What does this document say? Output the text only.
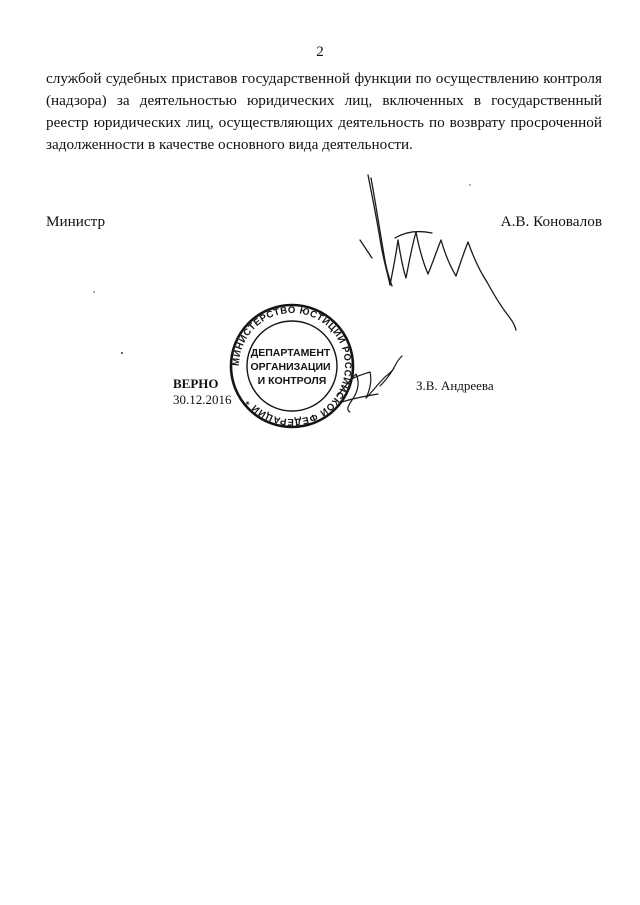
2

службой судебных приставов государственной функции по осуществлению контроля (надзора) за деятельностью юридических лиц, включенных в государственный реестр юридических лиц, осуществляющих деятельность по возврату просроченной задолженности в качестве основного вида деятельности.

Министр	А.В. Коновалов
ВЕРНО
30.12.2016
З.В. Андреева
МИНИСТЕРСТВО ЮСТИЦИИ РОССИЙСКОЙ ФЕДЕРАЦИИ *
ДЕПАРТАМЕНТ ОРГАНИЗАЦИИ И КОНТРОЛЯ
